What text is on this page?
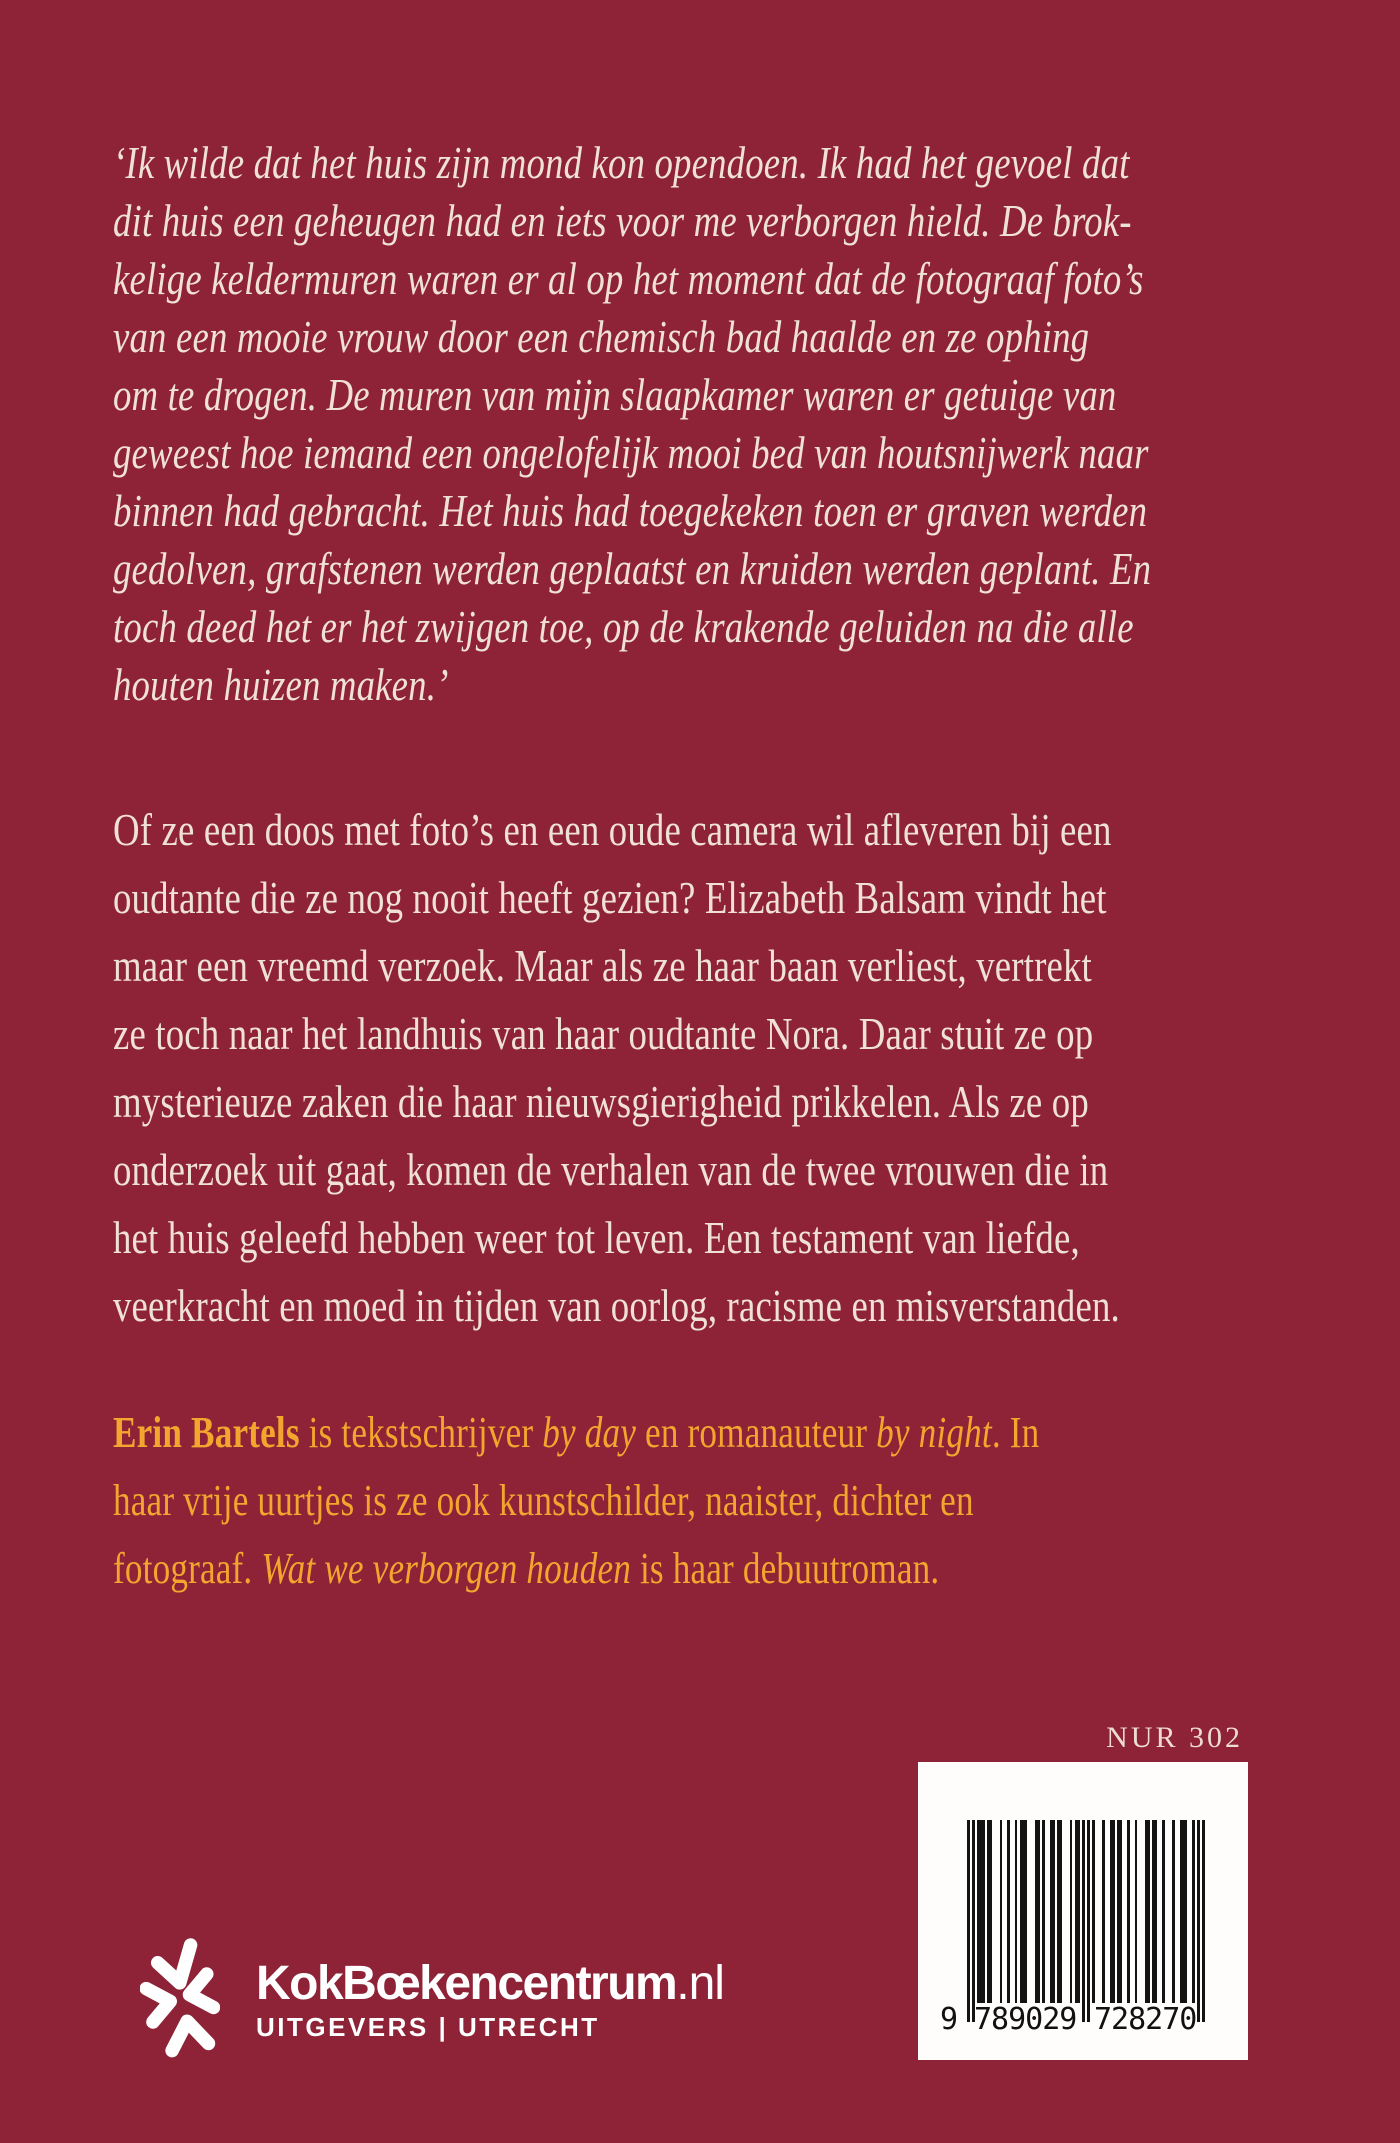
‘Ik wilde dat het huis zijn mond kon opendoen. Ik had het gevoel dat
dit huis een geheugen had en iets voor me verborgen hield. De brok-
kelige keldermuren waren er al op het moment dat de fotograaf foto’s
van een mooie vrouw door een chemisch bad haalde en ze ophing
om te drogen. De muren van mijn slaapkamer waren er getuige van
geweest hoe iemand een ongelofelijk mooi bed van houtsnijwerk naar
binnen had gebracht. Het huis had toegekeken toen er graven werden
gedolven, grafstenen werden geplaatst en kruiden werden geplant. En
toch deed het er het zwijgen toe, op de krakende geluiden na die alle
houten huizen maken.’
Of ze een doos met foto’s en een oude camera wil afleveren bij een
oudtante die ze nog nooit heeft gezien? Elizabeth Balsam vindt het
maar een vreemd verzoek. Maar als ze haar baan verliest, vertrekt
ze toch naar het landhuis van haar oudtante Nora. Daar stuit ze op
mysterieuze zaken die haar nieuwsgierigheid prikkelen. Als ze op
onderzoek uit gaat, komen de verhalen van de twee vrouwen die in
het huis geleefd hebben weer tot leven. Een testament van liefde,
veerkracht en moed in tijden van oorlog, racisme en misverstanden.
Erin Bartels is tekstschrijver by day en romanauteur by night. In
haar vrije uurtjes is ze ook kunstschilder, naaister, dichter en
fotograaf. Wat we verborgen houden is haar debuutroman.
NUR 302
9 789029 728270
KokBœkencentrum.nl
UITGEVERS | UTRECHT
